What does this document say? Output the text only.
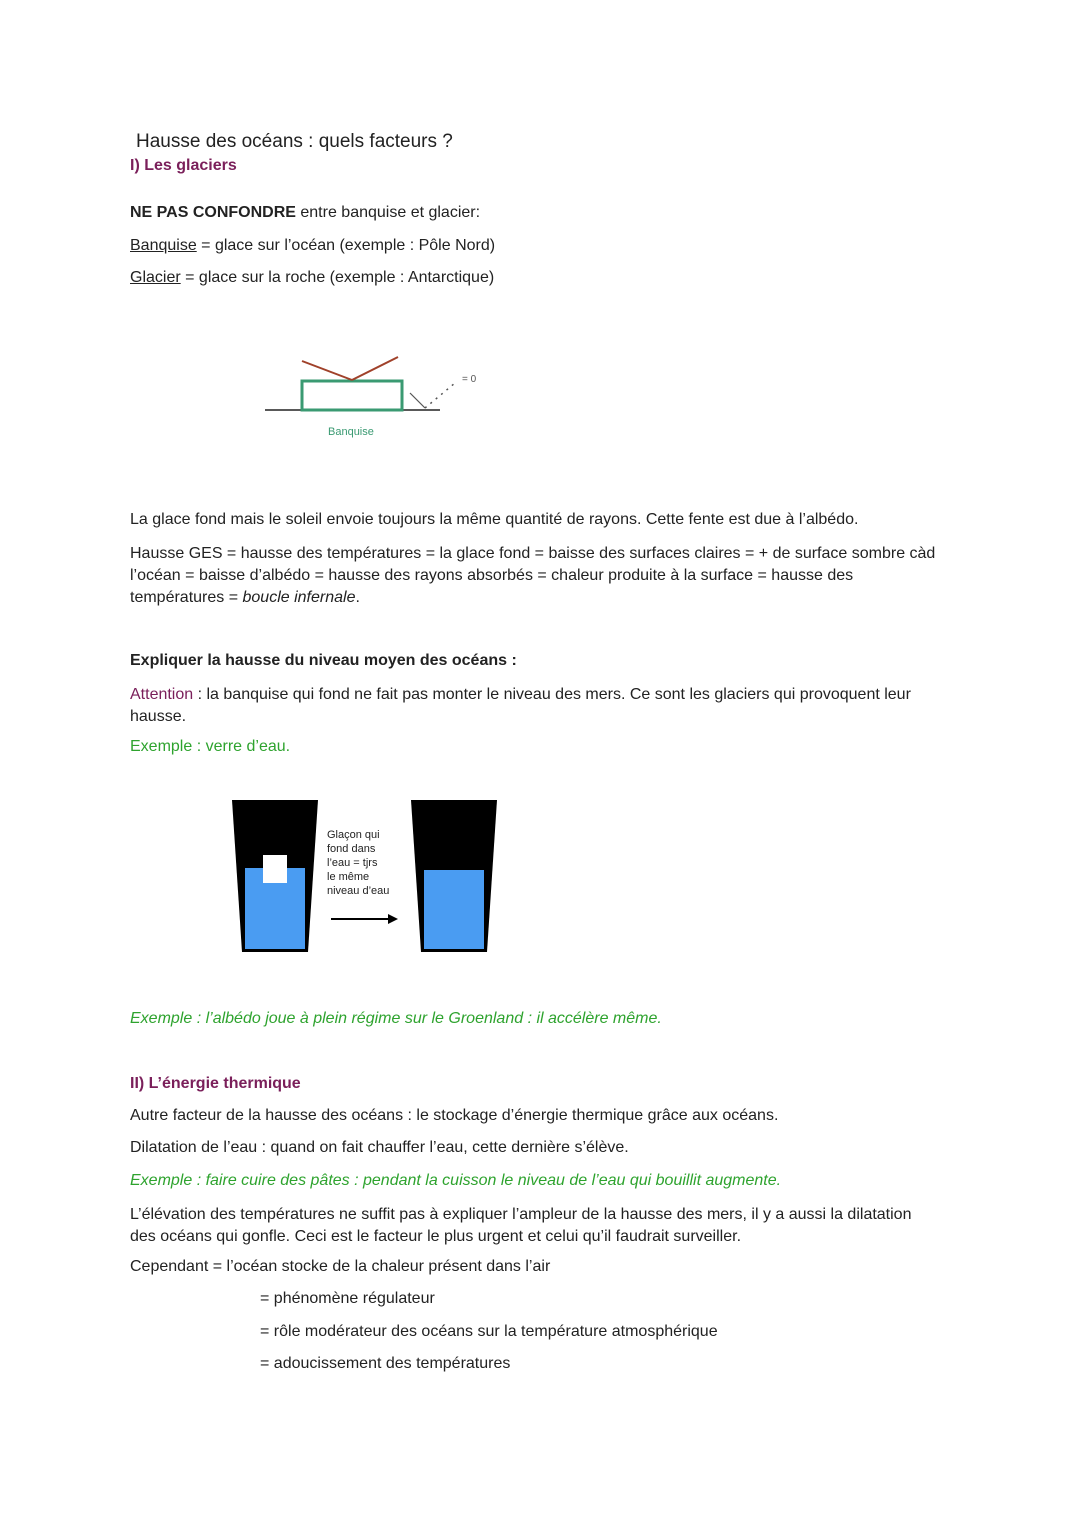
Hausse des océans : quels facteurs ?
I) Les glaciers
NE PAS CONFONDRE entre banquise et glacier:
Banquise = glace sur l’océan (exemple : Pôle Nord)
Glacier = glace sur la roche (exemple : Antarctique)
= 0
Banquise
La glace fond mais le soleil envoie toujours la même quantité de rayons. Cette fente est due à l’albédo.
Hausse GES = hausse des températures = la glace fond = baisse des surfaces claires = + de surface sombre càd l’océan = baisse d’albédo = hausse des rayons absorbés = chaleur produite à la surface = hausse des températures = boucle infernale.
Expliquer la hausse du niveau moyen des océans :
Attention : la banquise qui fond ne fait pas monter le niveau des mers. Ce sont les glaciers qui provoquent leur hausse.
Exemple : verre d’eau.
Glaçon qui
fond dans
l’eau = tjrs
le même
niveau d’eau
Exemple : l’albédo joue à plein régime sur le Groenland : il accélère même.
II) L’énergie thermique
Autre facteur de la hausse des océans : le stockage d’énergie thermique grâce aux océans.
Dilatation de l’eau : quand on fait chauffer l’eau, cette dernière s’élève.
Exemple : faire cuire des pâtes : pendant la cuisson le niveau de l’eau qui bouillit augmente.
L’élévation des températures ne suffit pas à expliquer l’ampleur de la hausse des mers, il y a aussi la dilatation des océans qui gonfle. Ceci est le facteur le plus urgent et celui qu’il faudrait surveiller.
Cependant = l’océan stocke de la chaleur présent dans l’air
= phénomène régulateur
= rôle modérateur des océans sur la température atmosphérique
= adoucissement des températures
